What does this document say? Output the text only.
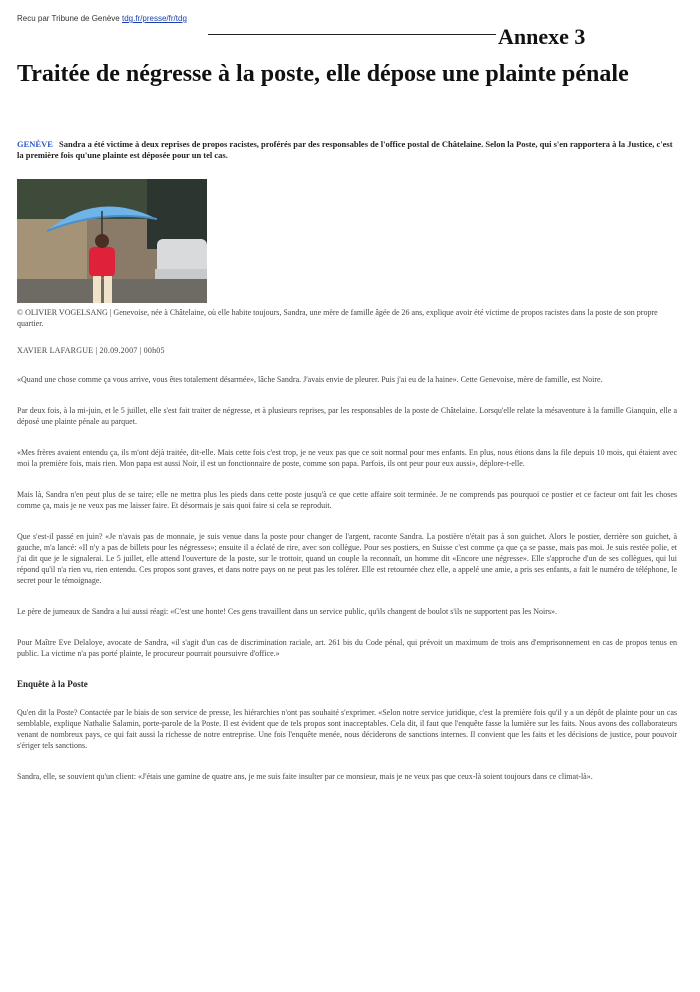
Recu par Tribune de Genève tdg.fr/presse/fr/tdg
Annexe 3
Traitée de négresse à la poste, elle dépose une plainte pénale
GENÈVE Sandra a été victime à deux reprises de propos racistes, proférés par des responsables de l'office postal de Châtelaine. Selon la Poste, qui s'en rapportera à la Justice, c'est la première fois qu'une plainte est déposée pour un tel cas.
© OLIVIER VOGELSANG | Genevoise, née à Châtelaine, où elle habite toujours, Sandra, une mère de famille âgée de 26 ans, explique avoir été victime de propos racistes dans la poste de son propre quartier.
XAVIER LAFARGUE | 20.09.2007 | 00h05

«Quand une chose comme ça vous arrive, vous êtes totalement désarmée», lâche Sandra. J'avais envie de pleurer. Puis j'ai eu de la haine». Cette Genevoise, mère de famille, est Noire.

Par deux fois, à la mi-juin, et le 5 juillet, elle s'est fait traiter de négresse, et à plusieurs reprises, par les responsables de la poste de Châtelaine. Lorsqu'elle relate la mésaventure à la famille Gianquin, elle a déposé une plainte pénale au parquet.

«Mes frères avaient entendu ça, ils m'ont déjà traitée, dit-elle. Mais cette fois c'est trop, je ne veux pas que ce soit normal pour mes enfants. En plus, nous étions dans la file depuis 10 mois, qui étaient avec moi la première fois, mais rien. Mon papa est aussi Noir, il est un fonctionnaire de poste, comme son papa. Parfois, ils ont peur pour eux aussi», déplore-t-elle.

Mais là, Sandra n'en peut plus de se taire; elle ne mettra plus les pieds dans cette poste jusqu'à ce que cette affaire soit terminée. Je ne comprends pas pourquoi ce postier et ce facteur ont fait les choses comme ça, mais je ne veux pas me laisser faire. Et désormais je sais quoi faire si cela se reproduit.

Que s'est-il passé en juin? «Je n'avais pas de monnaie, je suis venue dans la poste pour changer de l'argent, raconte Sandra. La postière n'était pas à son guichet. Alors le postier, derrière son guichet, à gauche, m'a lancé: «Il n'y a pas de billets pour les négresses»; ensuite il a éclaté de rire, avec son collègue. Pour ses postiers, en Suisse c'est comme ça que ça se passe, mais pas moi. Je suis restée polie, et j'ai dit que je le signalerai. Le 5 juillet, elle attend l'ouverture de la poste, sur le trottoir, quand un couple la reconnaît, un homme dit «Encore une négresse». Elle s'approche d'un de ses collègues, qui lui répond qu'il n'a rien vu, rien entendu. Ces propos sont graves, et dans notre pays on ne peut pas les tolérer. Elle est retournée chez elle, a appelé une amie, a pris ses enfants, a fait le numéro de téléphone, le secret pour le témoignage.

Le père de jumeaux de Sandra a lui aussi réagi: «C'est une honte! Ces gens travaillent dans un service public, qu'ils changent de boulot s'ils ne supportent pas les Noirs».

Pour Maître Eve Delaloye, avocate de Sandra, «il s'agit d'un cas de discrimination raciale, art. 261 bis du Code pénal, qui prévoit un maximum de trois ans d'emprisonnement en cas de propos tenus en public. La victime n'a pas porté plainte, le procureur pourrait poursuivre d'office.»

Enquête à la Poste

Qu'en dit la Poste? Contactée par le biais de son service de presse, les hiérarchies n'ont pas souhaité s'exprimer. «Selon notre service juridique, c'est la première fois qu'il y a un dépôt de plainte pour un cas semblable, explique Nathalie Salamin, porte-parole de la Poste. Il est évident que de tels propos sont inacceptables. Cela dit, il faut que l'enquête fasse la lumière sur les faits. Nous avons des collaborateurs venant de nombreux pays, ce qui fait aussi la richesse de notre entreprise. Une fois l'enquête menée, nous déciderons de sanctions internes. Il convient que les faits et les décisions de justice, pour pouvoir s'ériger tels sanctions.

Sandra, elle, se souvient qu'un client: «J'étais une gamine de quatre ans, je me suis faite insulter par ce monsieur, mais je ne veux pas que ceux-là soient toujours dans ce climat-là».
